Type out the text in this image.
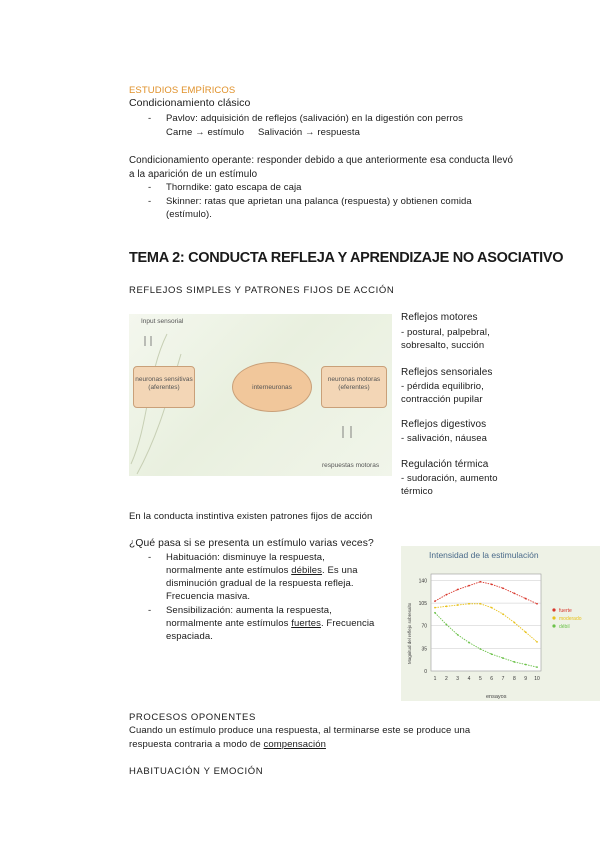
ESTUDIOS EMPÍRICOS
Condicionamiento clásico
- Pavlov: adquisición de reflejos (salivación) en la digestión con perros
Carne → estímulo Salivación → respuesta
Condicionamiento operante: responder debido a que anteriormente esa conducta llevó
a la aparición de un estímulo
- Thorndike: gato escapa de caja
- Skinner: ratas que aprietan una palanca (respuesta) y obtienen comida
(estímulo).
TEMA 2: CONDUCTA REFLEJA Y APRENDIZAJE NO ASOCIATIVO
REFLEJOS SIMPLES Y PATRONES FIJOS DE ACCIÓN
Input sensorial
neuronas sensitivas (aferentes)	interneuronas
neuronas motoras (eferentes)
respuestas motoras
Reflejos motores
- postural, palpebral,
sobresalto, succión
Reflejos sensoriales
- pérdida equilibrio,
contracción pupilar
Reflejos digestivos
- salivación, náusea
Regulación térmica
- sudoración, aumento
térmico
En la conducta instintiva existen patrones fijos de acción
¿Qué pasa si se presenta un estímulo varias veces?
- Habituación: disminuye la respuesta,
normalmente ante estímulos débiles. Es una
disminución gradual de la respuesta refleja.
Frecuencia masiva.
- Sensibilización: aumenta la respuesta,
normalmente ante estímulos fuertes. Frecuencia
espaciada.
Intensidad de la estimulación
Magnitud del reflejo sobresalto
ensayos
0
35
70
105
140
1 2 3 4 5 6 7 8 9 10
fuerte
moderado
débil
PROCESOS OPONENTES
Cuando un estímulo produce una respuesta, al terminarse este se produce una
respuesta contraria a modo de compensación
HABITUACIÓN Y EMOCIÓN
